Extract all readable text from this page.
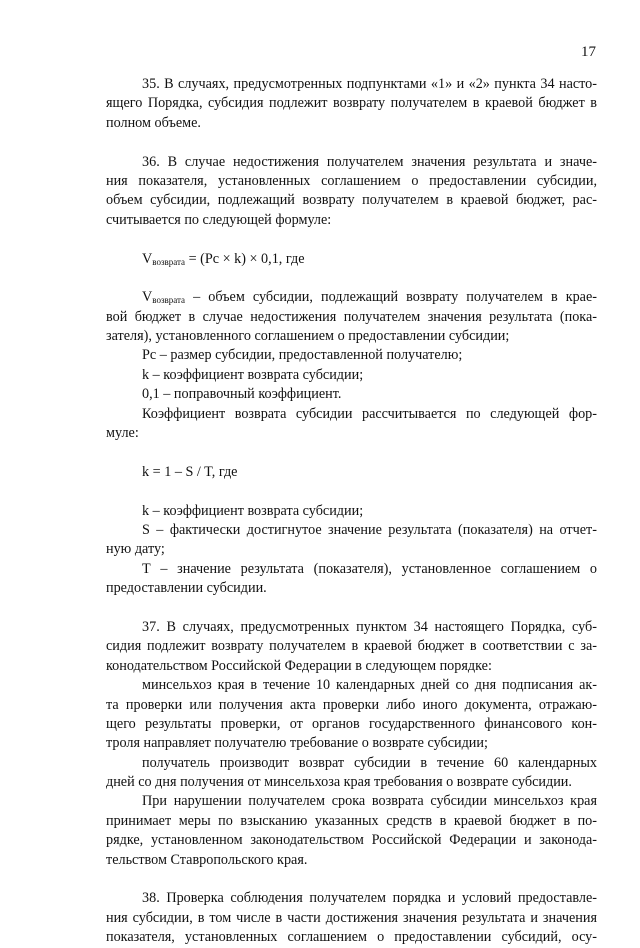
17
35. В случаях, предусмотренных подпунктами «1» и «2» пункта 34 насто-
ящего Порядка, субсидия подлежит возврату получателем в краевой бюджет в
полном объеме.
36. В случае недостижения получателем значения результата и значе-
ния показателя, установленных соглашением о предоставлении субсидии,
объем субсидии, подлежащий возврату получателем в краевой бюджет, рас-
считывается по следующей формуле:
$V_{возврата} = (Рс \times k) \times 0,1$, где
$V_{возврата}$ – объем субсидии, подлежащий возврату получателем в крае-
вой бюджет в случае недостижения получателем значения результата (пока-
зателя), установленного соглашением о предоставлении субсидии;
Рс – размер субсидии, предоставленной получателю;
k – коэффициент возврата субсидии;
0,1 – поправочный коэффициент.
Коэффициент возврата субсидии рассчитывается по следующей фор-
муле:
k = 1 – S / T, где
k – коэффициент возврата субсидии;
S – фактически достигнутое значение результата (показателя) на отчет-
ную дату;
Т – значение результата (показателя), установленное соглашением о
предоставлении субсидии.
37. В случаях, предусмотренных пунктом 34 настоящего Порядка, суб-
сидия подлежит возврату получателем в краевой бюджет в соответствии с за-
конодательством Российской Федерации в следующем порядке:
минсельхоз края в течение 10 календарных дней со дня подписания ак-
та проверки или получения акта проверки либо иного документа, отражаю-
щего результаты проверки, от органов государственного финансового кон-
троля направляет получателю требование о возврате субсидии;
получатель производит возврат субсидии в течение 60 календарных
дней со дня получения от минсельхоза края требования о возврате субсидии.
При нарушении получателем срока возврата субсидии минсельхоз края
принимает меры по взысканию указанных средств в краевой бюджет в по-
рядке, установленном законодательством Российской Федерации и законода-
тельством Ставропольского края.
38. Проверка соблюдения получателем порядка и условий предоставле-
ния субсидии, в том числе в части достижения значения результата и значения
показателя, установленных соглашением о предоставлении субсидий, осу-
